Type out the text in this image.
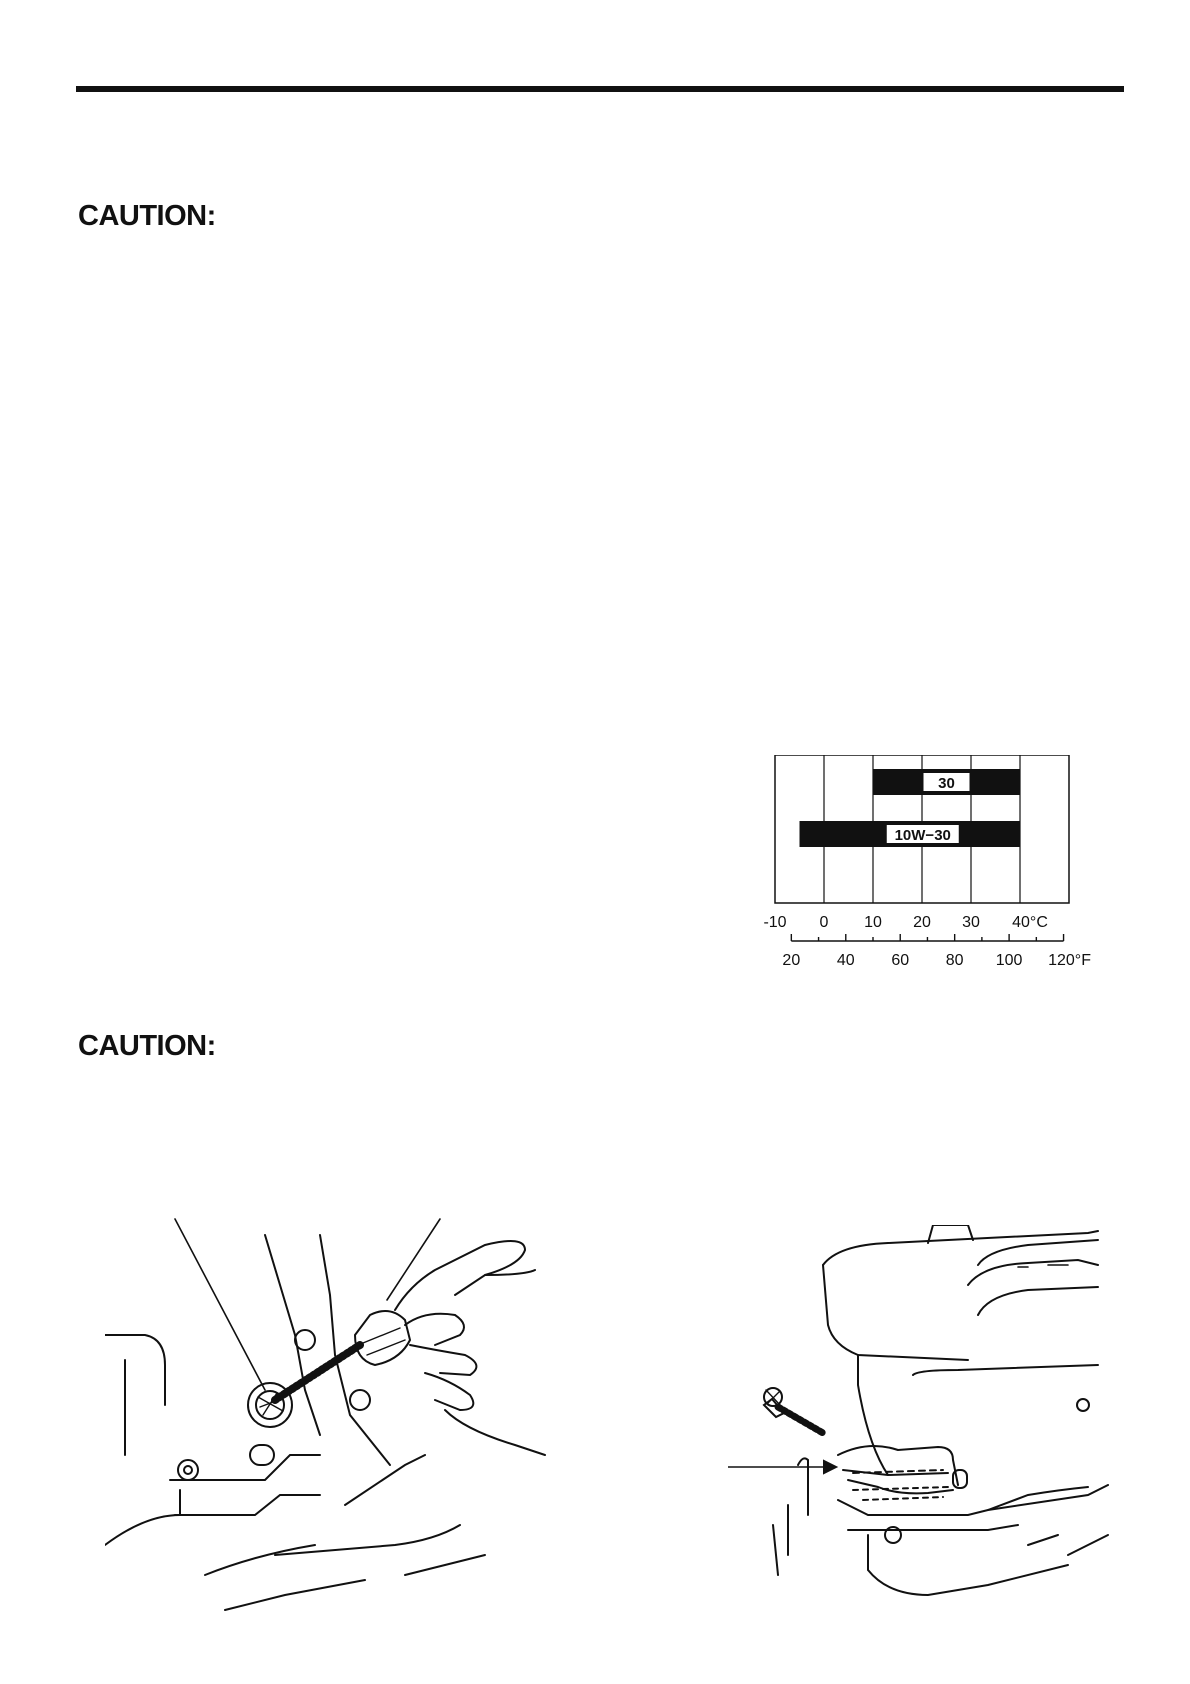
CAUTION:
CAUTION:
30
10W−30
-10 0 10 20 30 40°C
20 40 60 80 100 120°F
